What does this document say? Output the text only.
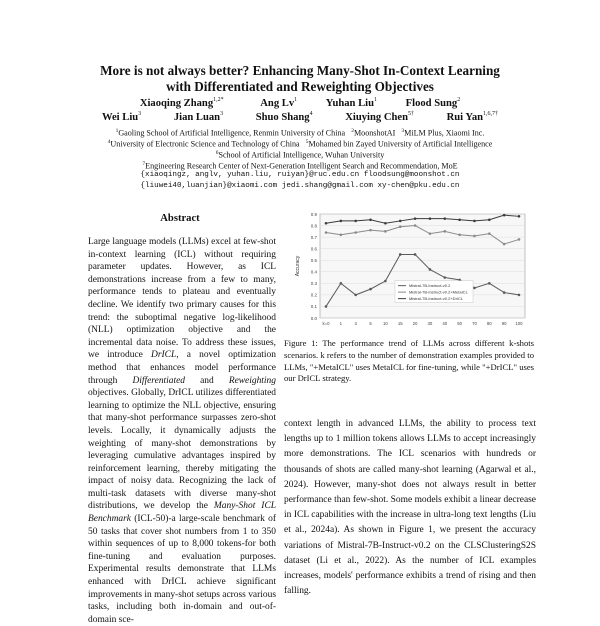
More is not always better? Enhancing Many-Shot In-Context Learning
with Differentiated and Reweighting Objectives
Xiaoqing Zhang$^{1,2*}$	Ang Lv$^1$	Yuhan Liu$^1$	Flood Sung$^2$
Wei Liu$^3$	Jian Luan$^3$	Shuo Shang$^4$	Xiuying Chen$^{5\dagger}$	Rui Yan$^{1,6,7\dagger}$
$^1$Gaoling School of Artificial Intelligence, Renmin University of China $^2$MoonshotAI $^3$MiLM Plus, Xiaomi Inc.
$^4$University of Electronic Science and Technology of China $^5$Mohamed bin Zayed University of Artificial Intelligence
$^6$School of Artificial Intelligence, Wuhan University
$^7$Engineering Research Center of Next-Generation Intelligent Search and Recommendation, MoE
{xiaoqingz, anglv, yuhan.liu, ruiyan}@ruc.edu.cn floodsung@moonshot.cn
{liuwei40,luanjian}@xiaomi.com jedi.shang@gmail.com xy-chen@pku.edu.cn
Abstract
Large language models (LLMs) excel at few-shot in-context learning (ICL) without requiring parameter updates. However, as ICL demonstrations increase from a few to many, performance tends to plateau and eventually decline. We identify two primary causes for this trend: the suboptimal negative log-likelihood (NLL) optimization objective and the incremental data noise. To address these issues, we introduce DrICL, a novel optimization method that enhances model performance through Differentiated and Reweighting objectives. Globally, DrICL utilizes differentiated learning to optimize the NLL objective, ensuring that many-shot performance surpasses zero-shot levels. Locally, it dynamically adjusts the weighting of many-shot demonstrations by leveraging cumulative advantages inspired by reinforcement learning, thereby mitigating the impact of noisy data. Recognizing the lack of multi-task datasets with diverse many-shot distributions, we develop the Many-Shot ICL Benchmark (ICL-50)-a large-scale benchmark of 50 tasks that cover shot numbers from 1 to 350 within sequences of up to 8,000 tokens-for both fine-tuning and evaluation purposes. Experimental results demonstrate that LLMs enhanced with DrICL achieve significant improvements in many-shot setups across various tasks, including both in-domain and out-of-domain sce-
0.0
0.1
0.2
0.3
0.4
0.5
0.6
0.7
0.8
0.9
k=0 1	3	5	10 15 20 30 40 50 70 80 90 100
Accuracy
Mistral-7B-Instruct-v0.2
Mistral-7B-Instruct-v0.2+MetaICL
Mistral-7B-Instruct-v0.2+DrICL
Figure 1: The performance trend of LLMs across different k-shots scenarios. k refers to the number of demonstration examples provided to LLMs, "+MetaICL" uses MetaICL for fine-tuning, while "+DrICL" uses our DrICL strategy.
context length in advanced LLMs, the ability to process text lengths up to 1 million tokens allows LLMs to accept increasingly more demonstrations. The ICL scenarios with hundreds or thousands of shots are called many-shot learning (Agarwal et al., 2024). However, many-shot does not always result in better performance than few-shot. Some models exhibit a linear decrease in ICL capabilities with the increase in ultra-long text lengths (Liu et al., 2024a). As shown in Figure 1, we present the accuracy variations of Mistral-7B-Instruct-v0.2 on the CLSClusteringS2S dataset (Li et al., 2022). As the number of ICL examples increases, models' performance exhibits a trend of rising and then falling.
